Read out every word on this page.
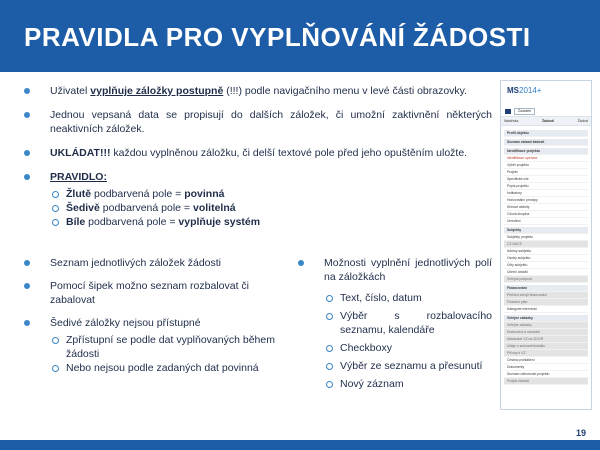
PRAVIDLA PRO VYPLŇOVÁNÍ ŽÁDOSTI
Uživatel vyplňuje záložky postupně (!!!) podle navigačního menu v levé části obrazovky.
Jednou vepsaná data se propisují do dalších záložek, či umožní zaktivnění některých neaktivních záložek.
UKLÁDAT!!! každou vyplněnou záložku, či delší textové pole před jeho opuštěním uložte.
PRAVIDLO:
Žlutě podbarvená pole = povinná
Šedivě podbarvená pole = volitelná
Bíle podbarvená pole = vyplňuje systém
Seznam jednotlivých záložek žádosti
Pomocí šipek možno seznam rozbalovat či zabalovat
Šedivé záložky nejsou přístupné
Zpřístupní se podle dat vyplňovaných během žádosti
Nebo nejsou podle zadaných dat povinná
Možnosti vyplnění jednotlivých polí na záložkách
Text, číslo, datum
Výběr s rozbalovacího seznamu, kalendáře
Checkboxy
Výběr ze seznamu a přesunutí
Nový záznam
MS2014+
Žadatelé
Nástěnka	Žádosti	Žádost
Profil objektu
Seznam oblastí žádosti
Identifikace projektu
Identifikace operace
Výběr projektu
Projekt
Specifické cíle
Popis projektu
Indikátory
Horizontální principy
Klíčové aktivity
Cílová skupina
Umístění
Subjekty
Subjekty projektu
CZ NACE
Adresy subjektu
Osoby subjektu
Účty subjektu
Účetní období
Veřejná podpora
Financování
Přehled zdrojů financování
Finanční plán
Kategorie intervencí
Veřejné zakázky
Veřejné zakázky
Hodnocení a odvolání
Navázané VZ na ZD/VR
Údaje o smlouvě/dodatku
Přílohy k VZ
Čestná prohlášení
Dokumenty
Seznam odborností projektu
Podpis žádosti
19
